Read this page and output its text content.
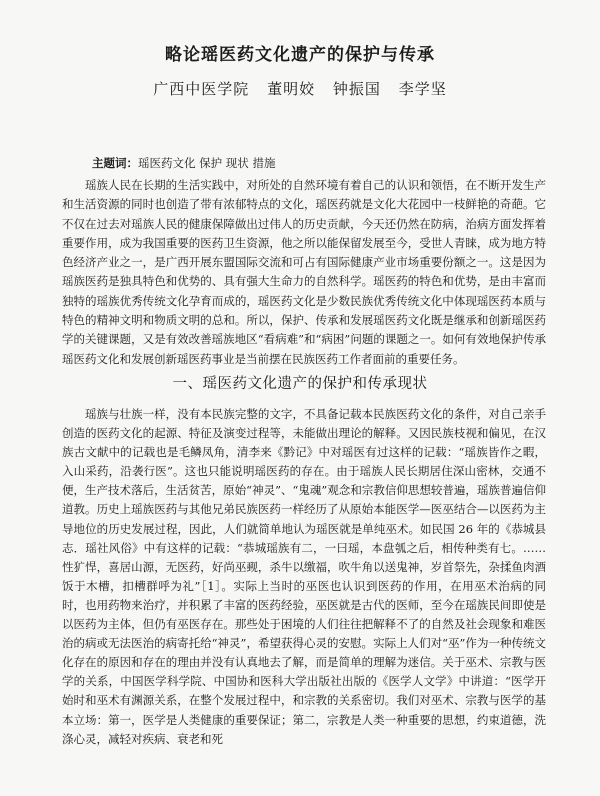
略论瑶医药文化遗产的保护与传承
广西中医学院 董明姣 钟振国 李学坚
主题词：瑶医药文化 保护 现状 措施
瑶族人民在长期的生活实践中，对所处的自然环境有着自己的认识和领悟，在不断开发生产和生活资源的同时也创造了带有浓郁特点的文化，瑶医药就是文化大花园中一枝鲜艳的奇葩。它不仅在过去对瑶族人民的健康保障做出过伟人的历史贡献，今天还仍然在防病，治病方面发挥着重要作用，成为我国重要的医药卫生资源，他之所以能保留发展至今，受世人青睐，成为地方特色经济产业之一，是广西开展东盟国际交流和可占有国际健康产业市场重要份额之一。这是因为瑶族医药是独具特色和优势的、具有强大生命力的自然科学。瑶医药的特色和优势，是由丰富而独特的瑶族优秀传统文化孕育而成的，瑶医药文化是少数民族优秀传统文化中体现瑶医药本质与特色的精神文明和物质文明的总和。所以，保护、传承和发展瑶医药文化既是继承和创新瑶医药学的关键课题，又是有效改善瑶族地区“看病难”和“病困”问题的课题之一。如何有效地保护传承瑶医药文化和发展创新瑶医药事业是当前摆在民族医药工作者面前的重要任务。
一、瑶医药文化遗产的保护和传承现状
瑶族与壮族一样，没有本民族完整的文字，不具备记载本民族医药文化的条件，对自己亲手创造的医药文化的起源、特征及演变过程等，未能做出理论的解释。又因民族枝视和偏见，在汉族古文献中的记载也是毛鳞凤角，清李来《黔记》中对瑶医有过这样的记载：“瑶族皆作之暇，入山采药，沿袭行医”。这也只能说明瑶医药的存在。由于瑶族人民长期居住深山密林，交通不便，生产技术落后，生活贫苦，原始“神灵”、“鬼魂”观念和宗教信仰思想较普遍，瑶族普遍信仰道教。历史上瑶族医药与其他兄弟民族医药一样经历了从原始本能医学—医巫结合—以医药为主导地位的历史发展过程，因此，人们就简单地认为瑶医就是单纯巫术。如民国 26 年的《恭城县志．瑶社风俗》中有这样的记载：“恭城瑶族有二，一曰瑶，本盘瓠之后，相传种类有七。……性犷悍，喜居山源，无医药，好尚巫觋，杀牛以缴福，吹牛角以送鬼神，岁首祭先，杂揉鱼肉酒饭于木槽，扣槽群呼为礼”［1］。实际上当时的巫医也认识到医药的作用，在用巫术治病的同时，也用药物来治疗，并积累了丰富的医药经验，巫医就是古代的医师，至今在瑶族民间即使是以医药为主体，但仍有巫医存在。那些处于困境的人们往往把解释不了的自然及社会现象和难医治的病或无法医治的病寄托给“神灵”，希望获得心灵的安慰。实际上人们对“巫”作为一种传统文化存在的原因和存在的理由并没有认真地去了解，而是简单的理解为迷信。关于巫术、宗教与医学的关系，中国医学科学院、中国协和医科大学出版社出版的《医学人文学》中讲道：“医学开始时和巫术有渊源关系，在整个发展过程中，和宗教的关系密切。我们对巫术、宗教与医学的基本立场：第一，医学是人类健康的重要保证；第二，宗教是人类一种重要的思想，约束道德，洗涤心灵，减轻对疾病、衰老和死
